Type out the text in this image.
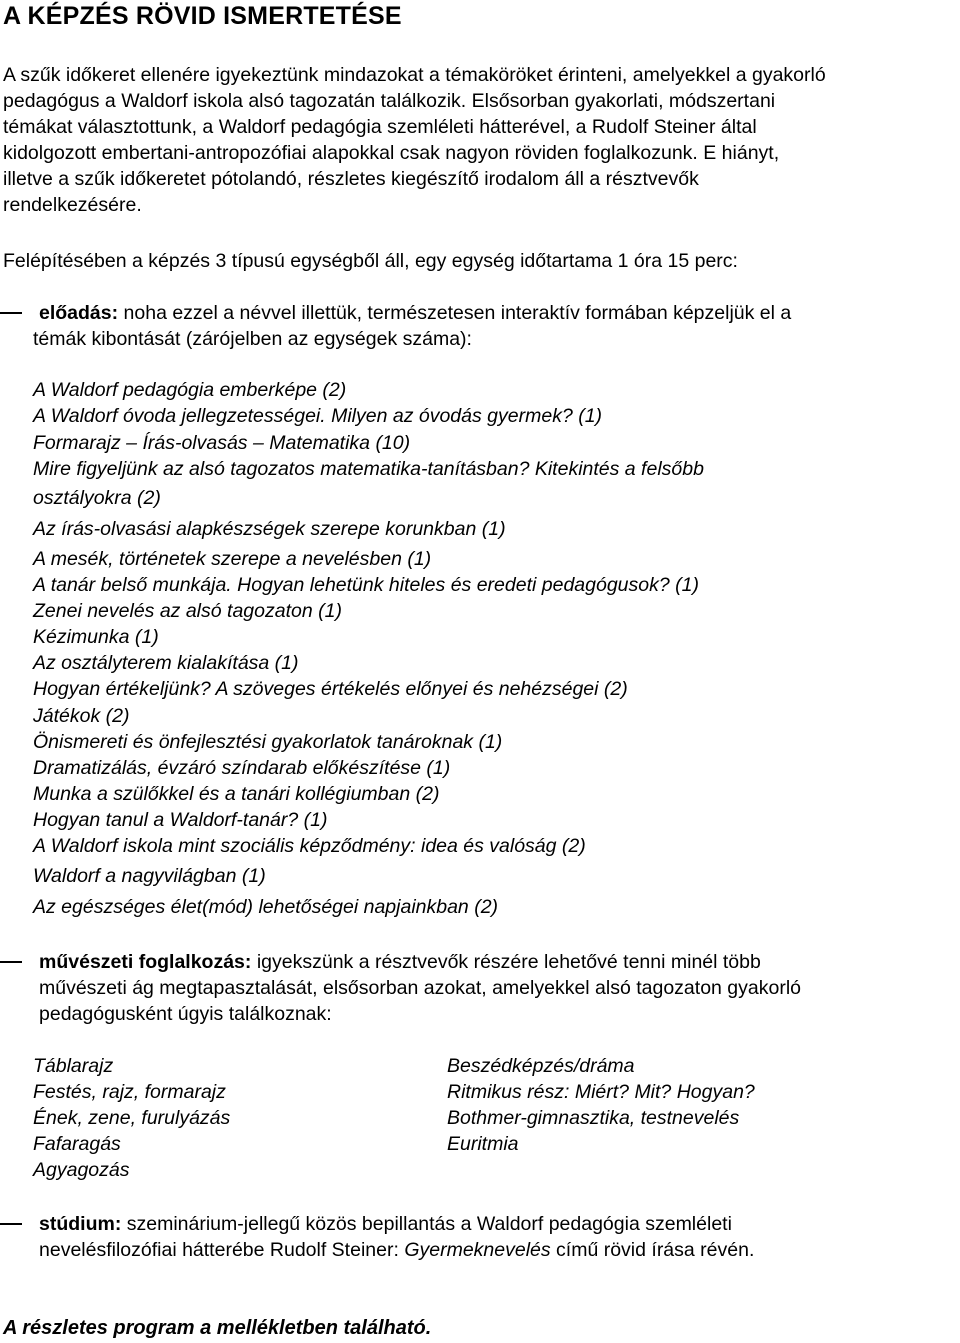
A KÉPZÉS RÖVID ISMERTETÉSE
A szűk időkeret ellenére igyekeztünk mindazokat a témaköröket érinteni, amelyekkel a gyakorló
pedagógus a Waldorf iskola alsó tagozatán találkozik. Elsősorban gyakorlati, módszertani
témákat választottunk, a Waldorf pedagógia szemléleti hátterével, a Rudolf Steiner által
kidolgozott embertani-antropozófiai alapokkal csak nagyon röviden foglalkozunk. E hiányt,
illetve a szűk időkeretet pótolandó, részletes kiegészítő irodalom áll a résztvevők
rendelkezésére.
Felépítésében a képzés 3 típusú egységből áll, egy egység időtartama 1 óra 15 perc:
előadás: noha ezzel a névvel illettük, természetesen interaktív formában képzeljük el a
témák kibontását (zárójelben az egységek száma):
A Waldorf pedagógia emberképe (2)
A Waldorf óvoda jellegzetességei. Milyen az óvodás gyermek? (1)
Formarajz – Írás-olvasás – Matematika (10)
Mire figyeljünk az alsó tagozatos matematika-tanításban? Kitekintés a felsőbb
osztályokra (2)
Az írás-olvasási alapkészségek szerepe korunkban (1)
A mesék, történetek szerepe a nevelésben (1)
A tanár belső munkája. Hogyan lehetünk hiteles és eredeti pedagógusok? (1)
Zenei nevelés az alsó tagozaton (1)
Kézimunka (1)
Az osztályterem kialakítása (1)
Hogyan értékeljünk? A szöveges értékelés előnyei és nehézségei (2)
Játékok (2)
Önismereti és önfejlesztési gyakorlatok tanároknak (1)
Dramatizálás, évzáró színdarab előkészítése (1)
Munka a szülőkkel és a tanári kollégiumban (2)
Hogyan tanul a Waldorf-tanár? (1)
A Waldorf iskola mint szociális képződmény: idea és valóság (2)
Waldorf a nagyvilágban (1)
Az egészséges élet(mód) lehetőségei napjainkban (2)
művészeti foglalkozás: igyekszünk a résztvevők részére lehetővé tenni minél több
művészeti ág megtapasztalását, elsősorban azokat, amelyekkel alsó tagozaton gyakorló
pedagógusként úgyis találkoznak:
Táblarajz
Festés, rajz, formarajz
Ének, zene, furulyázás
Fafaragás
Agyagozás
Beszédképzés/dráma
Ritmikus rész: Miért? Mit? Hogyan?
Bothmer-gimnasztika, testnevelés
Euritmia
stúdium: szeminárium-jellegű közös bepillantás a Waldorf pedagógia szemléleti
nevelésfilozófiai hátterébe Rudolf Steiner: Gyermeknevelés című rövid írása révén.
A részletes program a mellékletben található.
